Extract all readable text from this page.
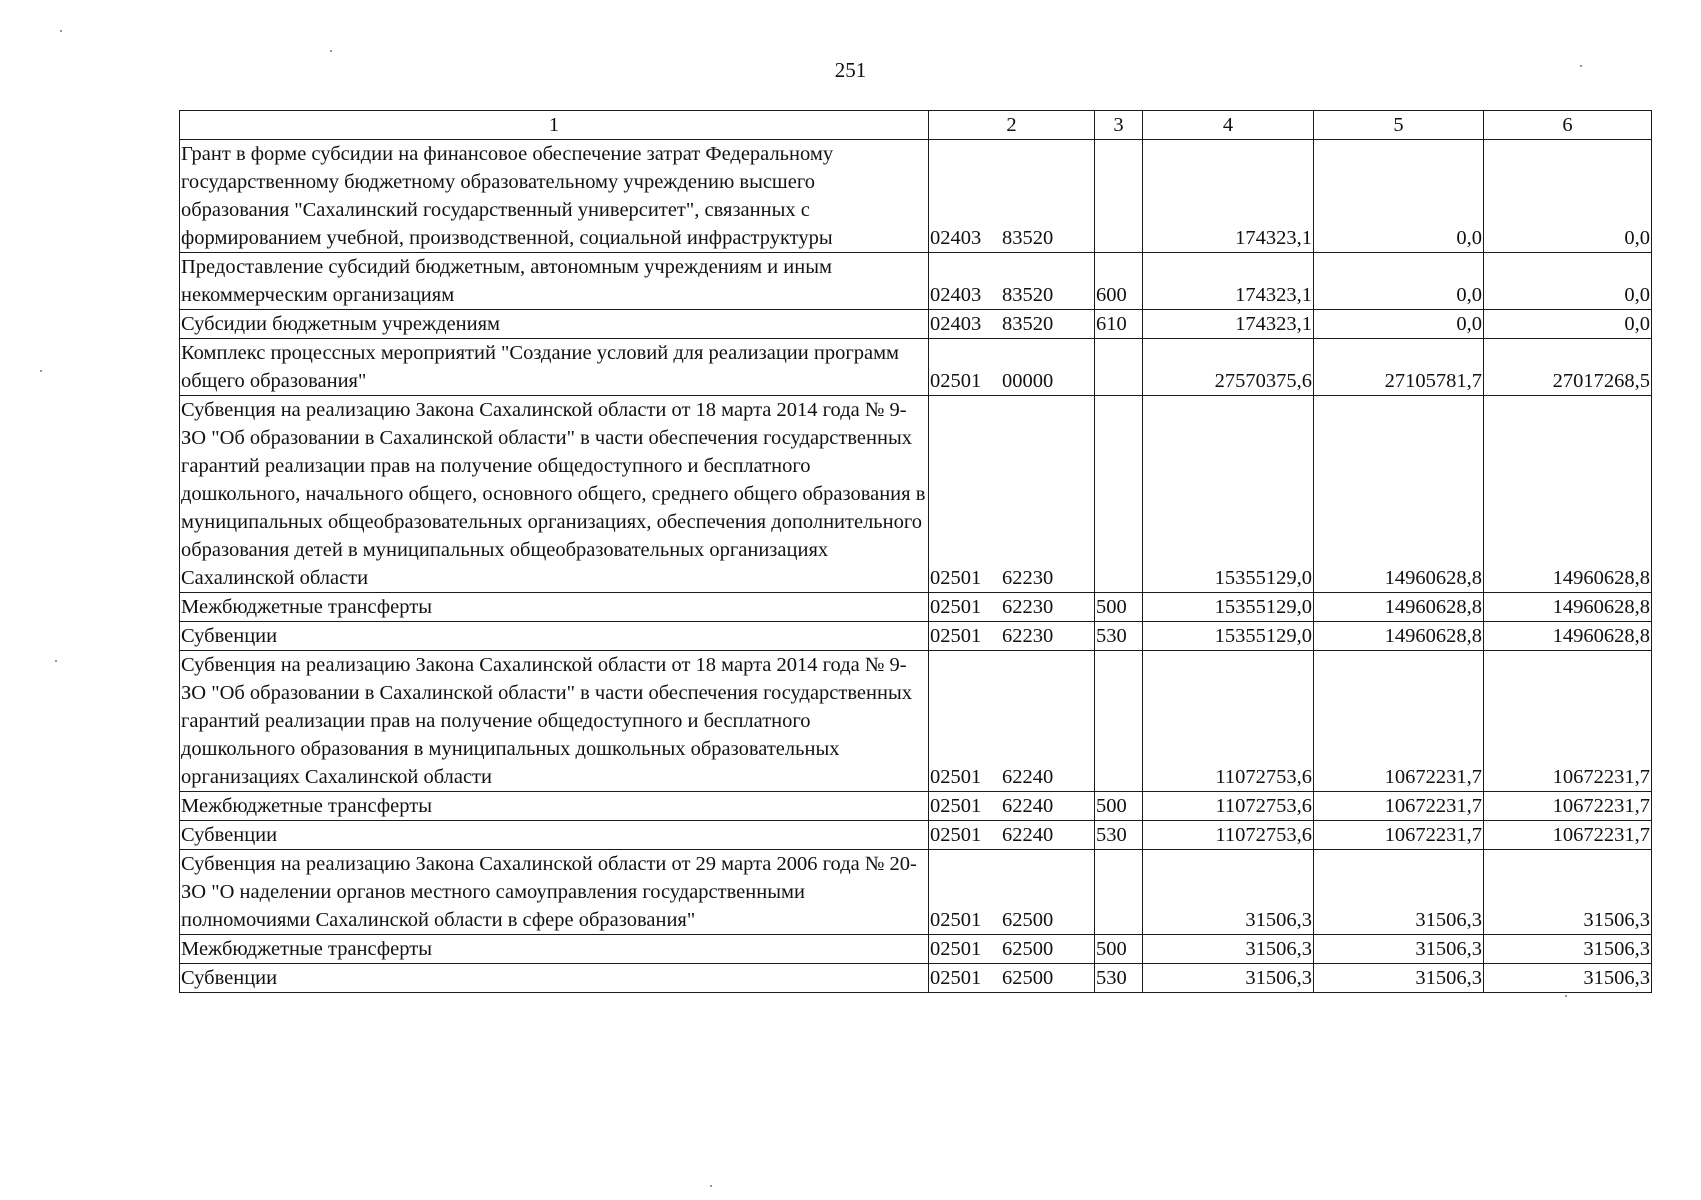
251
1	2	3	4	5	6
Грант в форме субсидии на финансовое обеспечение затрат Федеральному государственному бюджетному образовательному учреждению высшего образования "Сахалинский государственный университет", связанных с формированием учебной, производственной, социальной инфраструктуры	02403 83520		174323,1	0,0	0,0
Предоставление субсидий бюджетным, автономным учреждениям и иным некоммерческим организациям	02403 83520	600	174323,1	0,0	0,0
Субсидии бюджетным учреждениям	02403 83520	610	174323,1	0,0	0,0
Комплекс процессных мероприятий "Создание условий для реализации программ общего образования"	02501 00000		27570375,6	27105781,7	27017268,5
Субвенция на реализацию Закона Сахалинской области от 18 марта 2014 года № 9-ЗО "Об образовании в Сахалинской области" в части обеспечения государственных гарантий реализации прав на получение общедоступного и бесплатного дошкольного, начального общего, основного общего, среднего общего образования в муниципальных общеобразовательных организациях, обеспечения дополнительного образования детей в муниципальных общеобразовательных организациях Сахалинской области	02501 62230		15355129,0	14960628,8	14960628,8
Межбюджетные трансферты	02501 62230	500	15355129,0	14960628,8	14960628,8
Субвенции	02501 62230	530	15355129,0	14960628,8	14960628,8
Субвенция на реализацию Закона Сахалинской области от 18 марта 2014 года № 9-ЗО "Об образовании в Сахалинской области" в части обеспечения государственных гарантий реализации прав на получение общедоступного и бесплатного дошкольного образования в муниципальных дошкольных образовательных организациях Сахалинской области	02501 62240		11072753,6	10672231,7	10672231,7
Межбюджетные трансферты	02501 62240	500	11072753,6	10672231,7	10672231,7
Субвенции	02501 62240	530	11072753,6	10672231,7	10672231,7
Субвенция на реализацию Закона Сахалинской области от 29 марта 2006 года № 20-ЗО "О наделении органов местного самоуправления государственными полномочиями Сахалинской области в сфере образования"	02501 62500		31506,3	31506,3	31506,3
Межбюджетные трансферты	02501 62500	500	31506,3	31506,3	31506,3
Субвенции	02501 62500	530	31506,3	31506,3	31506,3
